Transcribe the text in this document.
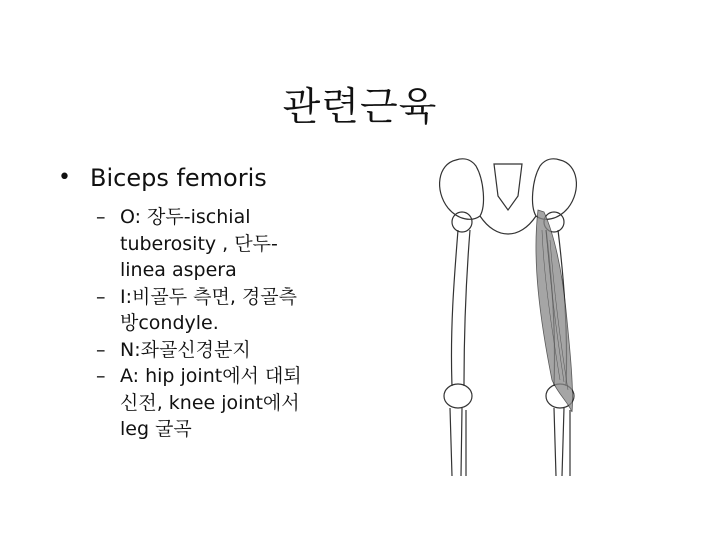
관련근육
• Biceps femoris
– O: 장두-ischial
tuberosity , 단두-
linea aspera
– I:비골두 측면, 경골측
방condyle.
– N:좌골신경분지
– A: hip joint에서 대퇴
신전, knee joint에서
leg 굴곡
